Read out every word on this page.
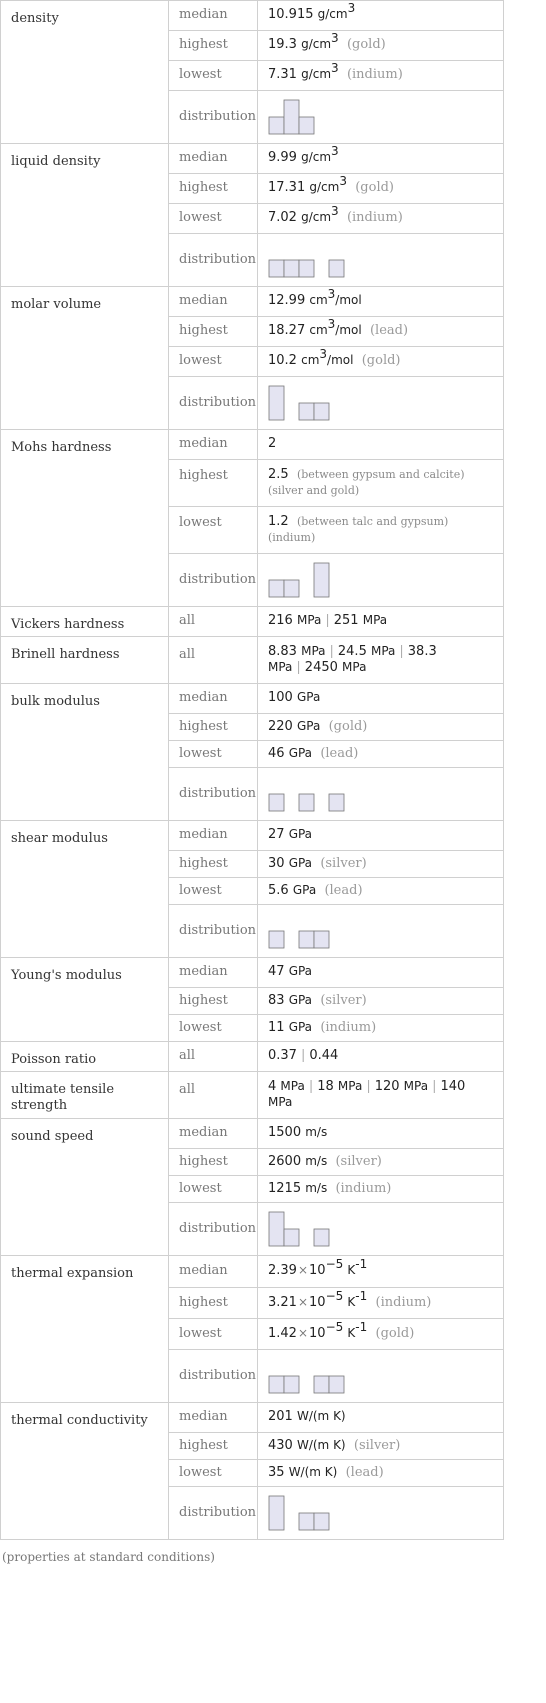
density	median	10.915 $g/cm^3$
	highest	19.3 $g/cm^3$ (gold)
	lowest	7.31 $g/cm^3$ (indium)
	distribution	

liquid density	median	9.99 $g/cm^3$
	highest	17.31 $g/cm^3$ (gold)
	lowest	7.02 $g/cm^3$ (indium)
	distribution	

molar volume	median	12.99 $cm^3$/mol
	highest	18.27 $cm^3$/mol (lead)
	lowest	10.2 $cm^3$/mol (gold)
	distribution	

Mohs hardness	median	2
	highest	2.5 (between gypsum and calcite)
(silver and gold)
	lowest	1.2 (between talc and gypsum)
(indium)
	distribution	

Vickers hardness	all	216 MPa | 251 MPa
Brinell hardness	all	8.83 MPa | 24.5 MPa | 38.3 MPa | 2450 MPa
bulk modulus	median	100 GPa
	highest	220 GPa (gold)
	lowest	46 GPa (lead)
	distribution	

shear modulus	median	27 GPa
	highest	30 GPa (silver)
	lowest	5.6 GPa (lead)
	distribution	

Young's modulus	median	47 GPa
	highest	83 GPa (silver)
	lowest	11 GPa (indium)
Poisson ratio	all	0.37 | 0.44
ultimate tensile strength	all	4 MPa | 18 MPa | 120 MPa | 140 MPa
sound speed	median	1500 m/s
	highest	2600 m/s (silver)
	lowest	1215 m/s (indium)
	distribution	

thermal expansion	median	$2.39\times 10^{-5}$ $K^{-1}$
	highest	$3.21\times 10^{-5}$ $K^{-1}$ (indium)
	lowest	$1.42\times 10^{-5}$ $K^{-1}$ (gold)
	distribution	

thermal conductivity	median	201 W/(m K)
	highest	430 W/(m K) (silver)
	lowest	35 W/(m K) (lead)
	distribution	
(properties at standard conditions)
